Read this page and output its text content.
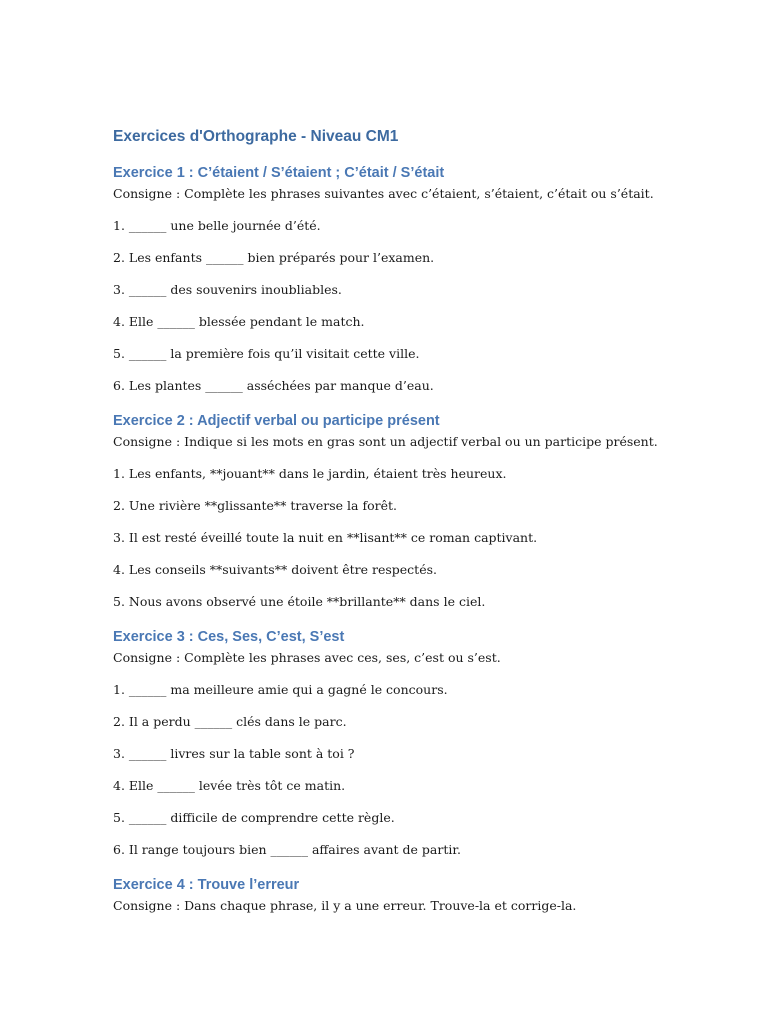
Exercices d'Orthographe - Niveau CM1
Exercice 1 : C’étaient / S’étaient ; C’était / S’était

Consigne : Complète les phrases suivantes avec c’étaient, s’étaient, c’était ou s’était.

1. ______ une belle journée d’été.

2. Les enfants ______ bien préparés pour l’examen.

3. ______ des souvenirs inoubliables.

4. Elle ______ blessée pendant le match.

5. ______ la première fois qu’il visitait cette ville.

6. Les plantes ______ asséchées par manque d’eau.

Exercice 2 : Adjectif verbal ou participe présent

Consigne : Indique si les mots en gras sont un adjectif verbal ou un participe présent.

1. Les enfants, **jouant** dans le jardin, étaient très heureux.

2. Une rivière **glissante** traverse la forêt.

3. Il est resté éveillé toute la nuit en **lisant** ce roman captivant.

4. Les conseils **suivants** doivent être respectés.

5. Nous avons observé une étoile **brillante** dans le ciel.

Exercice 3 : Ces, Ses, C’est, S’est

Consigne : Complète les phrases avec ces, ses, c’est ou s’est.

1. ______ ma meilleure amie qui a gagné le concours.

2. Il a perdu ______ clés dans le parc.

3. ______ livres sur la table sont à toi ?

4. Elle ______ levée très tôt ce matin.

5. ______ difficile de comprendre cette règle.

6. Il range toujours bien ______ affaires avant de partir.

Exercice 4 : Trouve l’erreur

Consigne : Dans chaque phrase, il y a une erreur. Trouve-la et corrige-la.
